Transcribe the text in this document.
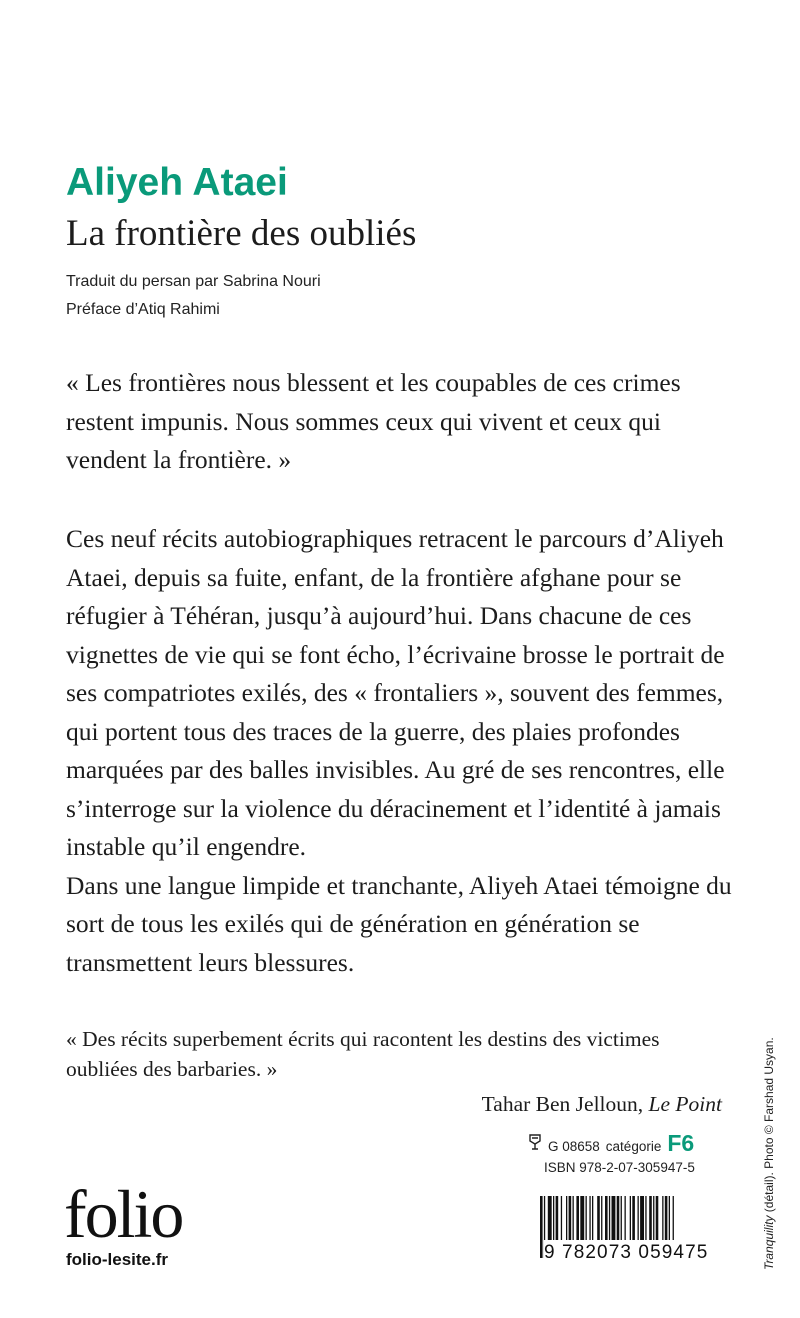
Aliyeh Ataei
La frontière des oubliés
Traduit du persan par Sabrina Nouri
Préface d’Atiq Rahimi

« Les frontières nous blessent et les coupables de ces crimes restent impunis. Nous sommes ceux qui vivent et ceux qui vendent la frontière. »

Ces neuf récits autobiographiques retracent le parcours d’Aliyeh Ataei, depuis sa fuite, enfant, de la frontière afghane pour se réfugier à Téhéran, jusqu’à aujourd’hui. Dans chacune de ces vignettes de vie qui se font écho, l’écrivaine brosse le portrait de ses compatriotes exilés, des « frontaliers », souvent des femmes, qui portent tous des traces de la guerre, des plaies profondes marquées par des balles invisibles. Au gré de ses rencontres, elle s’interroge sur la violence du déracinement et l’identité à jamais instable qu’il engendre.

Dans une langue limpide et tranchante, Aliyeh Ataei témoigne du sort de tous les exilés qui de génération en génération se transmettent leurs blessures.

« Des récits superbement écrits qui racontent les destins des victimes oubliées des barbaries. »

Tahar Ben Jelloun, Le Point
G 08658 catégorie F6
ISBN 978-2-07-305947-5
9 782073 059475
folio
folio-lesite.fr	Tranquility (détail). Photo © Farshad Usyan.
